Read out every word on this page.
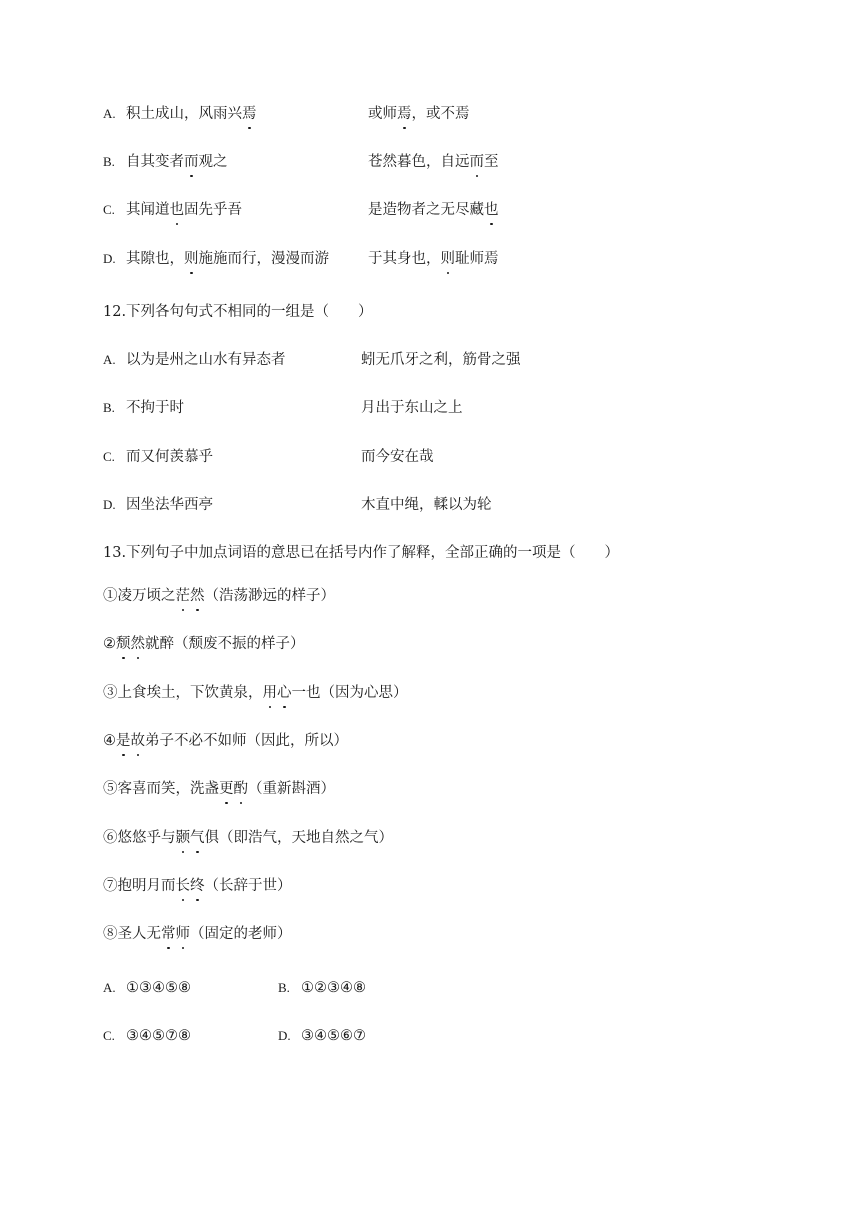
A. 积土成山，风雨兴焉	或师焉，或不焉
B. 自其变者而观之	苍然暮色，自远而至
C. 其闻道也固先乎吾	是造物者之无尽藏也
D. 其隙也，则施施而行，漫漫而游	于其身也，则耻师焉
12.下列各句句式不相同的一组是（　　）
A. 以为是州之山水有异态者	蚓无爪牙之利，筋骨之强
B. 不拘于时	月出于东山之上
C. 而又何羡慕乎	而今安在哉
D. 因坐法华西亭	木直中绳，輮以为轮
13.下列句子中加点词语的意思已在括号内作了解释，全部正确的一项是（　　）
①凌万顷之茫然（浩荡渺远的样子）
②颓然就醉（颓废不振的样子）
③上食埃土，下饮黄泉，用心一也（因为心思）
④是故弟子不必不如师（因此，所以）
⑤客喜而笑，洗盏更酌（重新斟酒）
⑥悠悠乎与颢气俱（即浩气，天地自然之气）
⑦抱明月而长终（长辞于世）
⑧圣人无常师（固定的老师）
A. ①③④⑤⑧	B. ①②③④⑧
C. ③④⑤⑦⑧	D. ③④⑤⑥⑦
